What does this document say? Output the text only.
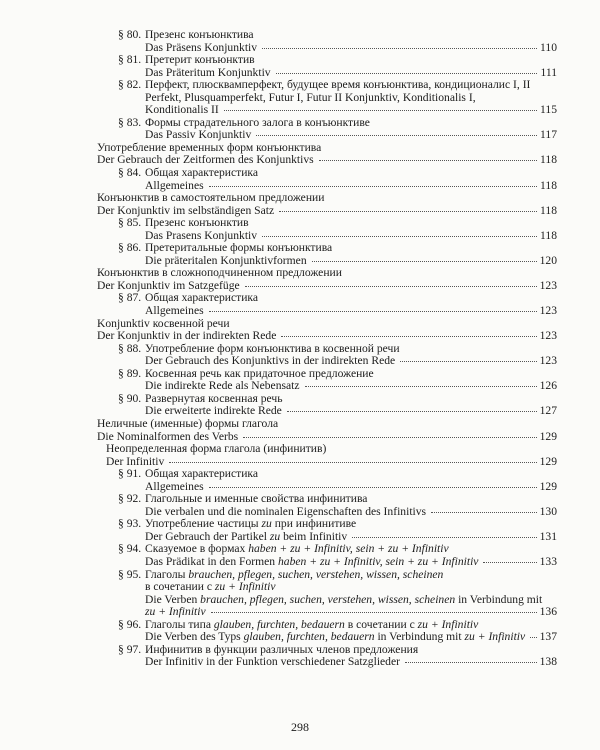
§ 80. Презенс конъюнктива
Das Präsens Konjunktiv	110
§ 81. Претерит конъюнктив
Das Präteritum Konjunktiv	111
§ 82. Перфект, плюсквамперфект, будущее время конъюнктива, кондиционалис I, II
Perfekt, Plusquamperfekt, Futur I, Futur II Konjunktiv, Konditionalis I,
Konditionalis II	115
§ 83. Формы страдательного залога в конъюнктиве
Das Passiv Konjunktiv	117
Употребление временных форм конъюнктива
Der Gebrauch der Zeitformen des Konjunktivs	118
§ 84. Общая характеристика
Allgemeines	118
Конъюнктив в самостоятельном предложении
Der Konjunktiv im selbständigen Satz	118
§ 85. Презенс конъюнктив
Das Prasens Konjunktiv	118
§ 86. Претеритальные формы конъюнктива
Die präteritalen Konjunktivformen	120
Конъюнктив в сложноподчиненном предложении
Der Konjunktiv im Satzgefüge	123
§ 87. Общая характеристика
Allgemeines	123
Konjunktiv косвенной речи
Der Konjunktiv in der indirekten Rede	123
§ 88. Употребление форм конъюнктива в косвенной речи
Der Gebrauch des Konjunktivs in der indirekten Rede	123
§ 89. Косвенная речь как придаточное предложение
Die indirekte Rede als Nebensatz	126
§ 90. Развернутая косвенная речь
Die erweiterte indirekte Rede	127
Неличные (именные) формы глагола
Die Nominalformen des Verbs	129
Неопределенная форма глагола (инфинитив)
Der Infinitiv	129
§ 91. Общая характеристика
Allgemeines	129
§ 92. Глагольные и именные свойства инфинитива
Die verbalen und die nominalen Eigenschaften des Infinitivs	130
§ 93. Употребление частицы zu при инфинитиве
Der Gebrauch der Partikel zu beim Infinitiv	131
§ 94. Сказуемое в формах haben + zu + Infinitiv, sein + zu + Infinitiv
Das Prädikat in den Formen haben + zu + Infinitiv, sein + zu + Infinitiv	133
§ 95. Глаголы brauchen, pflegen, suchen, verstehen, wissen, scheinen
в сочетании с zu + Infinitiv
Die Verben brauchen, pflegen, suchen, verstehen, wissen, scheinen in Verbindung mit
zu + Infinitiv	136
§ 96. Глаголы типа glauben, furchten, bedauern в сочетании с zu + Infinitiv
Die Verben des Typs glauben, furchten, bedauern in Verbindung mit zu + Infinitiv 137
§ 97. Инфинитив в функции различных членов предложения
Der Infinitiv in der Funktion verschiedener Satzglieder	138
298
